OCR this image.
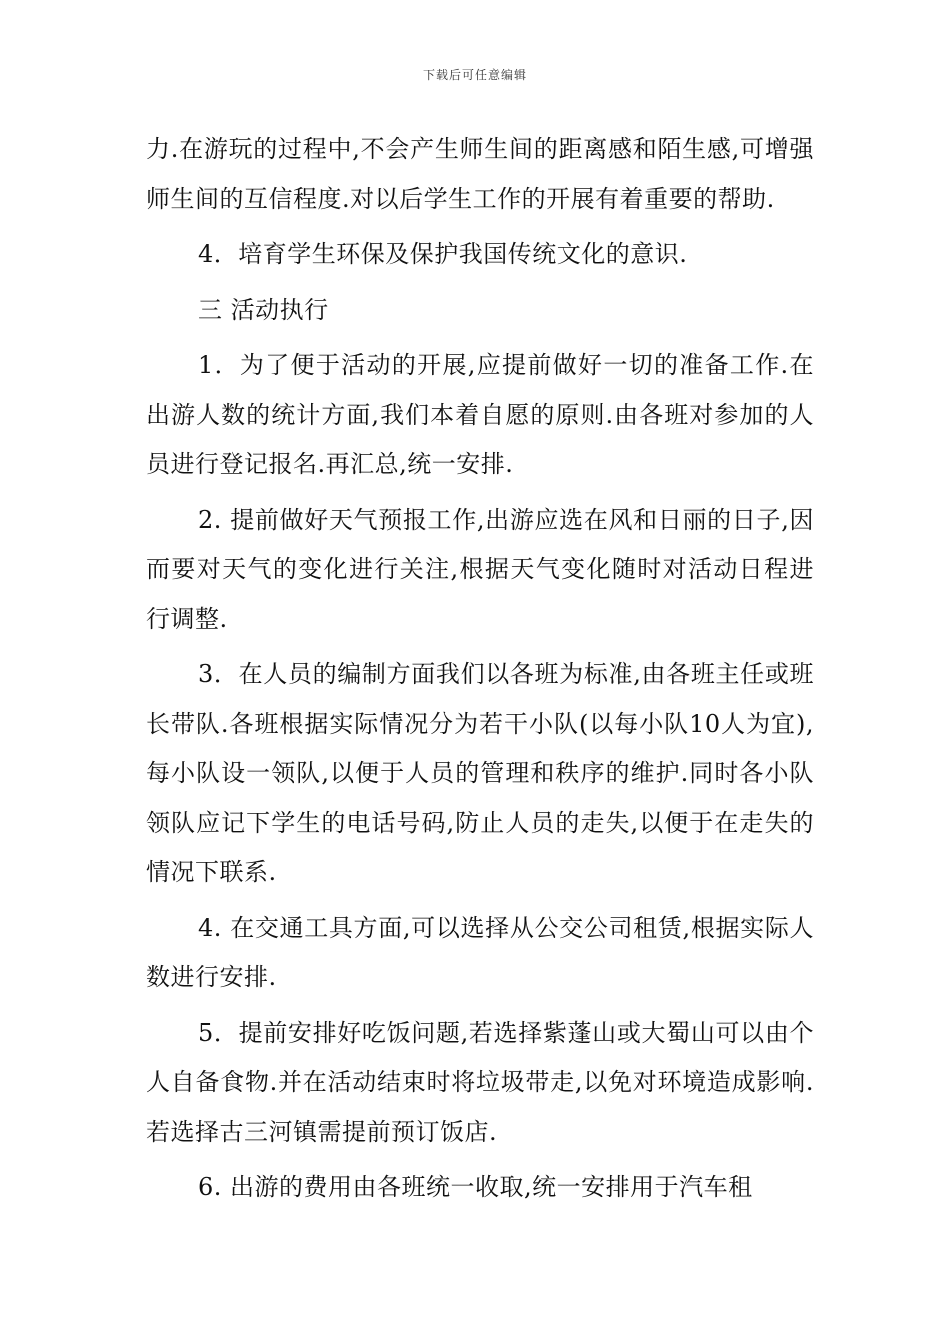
下载后可任意编辑

力.在游玩的过程中,不会产生师生间的距离感和陌生感,可增强师生间的互信程度.对以后学生工作的开展有着重要的帮助.

4．培育学生环保及保护我国传统文化的意识.

三 活动执行

1．为了便于活动的开展,应提前做好一切的准备工作.在出游人数的统计方面,我们本着自愿的原则.由各班对参加的人员进行登记报名.再汇总,统一安排.

2. 提前做好天气预报工作,出游应选在风和日丽的日子,因而要对天气的变化进行关注,根据天气变化随时对活动日程进行调整.

3．在人员的编制方面我们以各班为标准,由各班主任或班长带队.各班根据实际情况分为若干小队(以每小队10人为宜),每小队设一领队,以便于人员的管理和秩序的维护.同时各小队领队应记下学生的电话号码,防止人员的走失,以便于在走失的情况下联系.

4. 在交通工具方面,可以选择从公交公司租赁,根据实际人数进行安排.

5．提前安排好吃饭问题,若选择紫蓬山或大蜀山可以由个人自备食物.并在活动结束时将垃圾带走,以免对环境造成影响.若选择古三河镇需提前预订饭店.

6. 出游的费用由各班统一收取,统一安排用于汽车租
